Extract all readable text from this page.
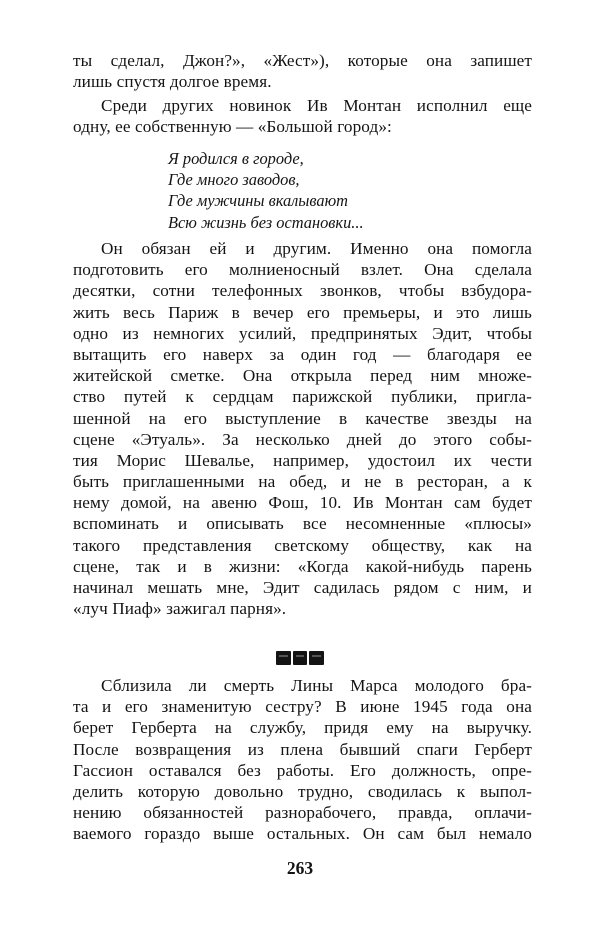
ты сделал, Джон?», «Жест»), которые она запишет
лишь спустя долгое время.
Среди других новинок Ив Монтан исполнил еще
одну, ее собственную — «Большой город»:
Я родился в городе,
Где много заводов,
Где мужчины вкалывают
Всю жизнь без остановки...
Он обязан ей и другим. Именно она помогла
подготовить его молниеносный взлет. Она сделала
десятки, сотни телефонных звонков, чтобы взбудора-
жить весь Париж в вечер его премьеры, и это лишь
одно из немногих усилий, предпринятых Эдит, чтобы
вытащить его наверх за один год — благодаря ее
житейской сметке. Она открыла перед ним множе-
ство путей к сердцам парижской публики, пригла-
шенной на его выступление в качестве звезды на
сцене «Этуаль». За несколько дней до этого собы-
тия Морис Шевалье, например, удостоил их чести
быть приглашенными на обед, и не в ресторан, а к
нему домой, на авеню Фош, 10. Ив Монтан сам будет
вспоминать и описывать все несомненные «плюсы»
такого представления светскому обществу, как на
сцене, так и в жизни: «Когда какой-нибудь парень
начинал мешать мне, Эдит садилась рядом с ним, и
«луч Пиаф» зажигал парня».
Сблизила ли смерть Лины Марса молодого бра-
та и его знаменитую сестру? В июне 1945 года она
берет Герберта на службу, придя ему на выручку.
После возвращения из плена бывший спаги Герберт
Гассион оставался без работы. Его должность, опре-
делить которую довольно трудно, сводилась к выпол-
нению обязанностей разнорабочего, правда, оплачи-
ваемого гораздо выше остальных. Он сам был немало
263
